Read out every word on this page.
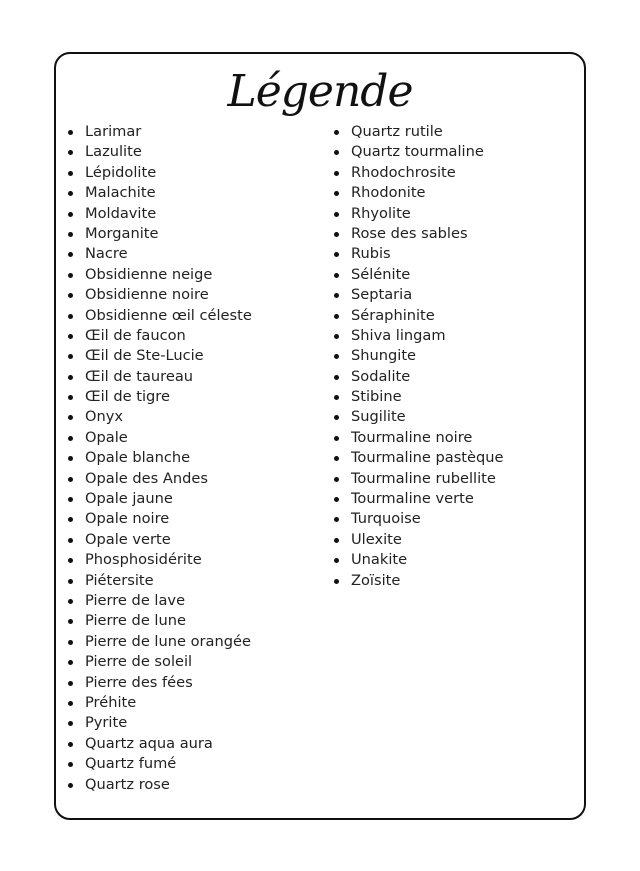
Légende
Larimar
Lazulite
Lépidolite
Malachite
Moldavite
Morganite
Nacre
Obsidienne neige
Obsidienne noire
Obsidienne œil céleste
Œil de faucon
Œil de Ste-Lucie
Œil de taureau
Œil de tigre
Onyx
Opale
Opale blanche
Opale des Andes
Opale jaune
Opale noire
Opale verte
Phosphosidérite
Piétersite
Pierre de lave
Pierre de lune
Pierre de lune orangée
Pierre de soleil
Pierre des fées
Préhite
Pyrite
Quartz aqua aura
Quartz fumé
Quartz rose
Quartz rutile
Quartz tourmaline
Rhodochrosite
Rhodonite
Rhyolite
Rose des sables
Rubis
Sélénite
Septaria
Séraphinite
Shiva lingam
Shungite
Sodalite
Stibine
Sugilite
Tourmaline noire
Tourmaline pastèque
Tourmaline rubellite
Tourmaline verte
Turquoise
Ulexite
Unakite
Zoïsite
